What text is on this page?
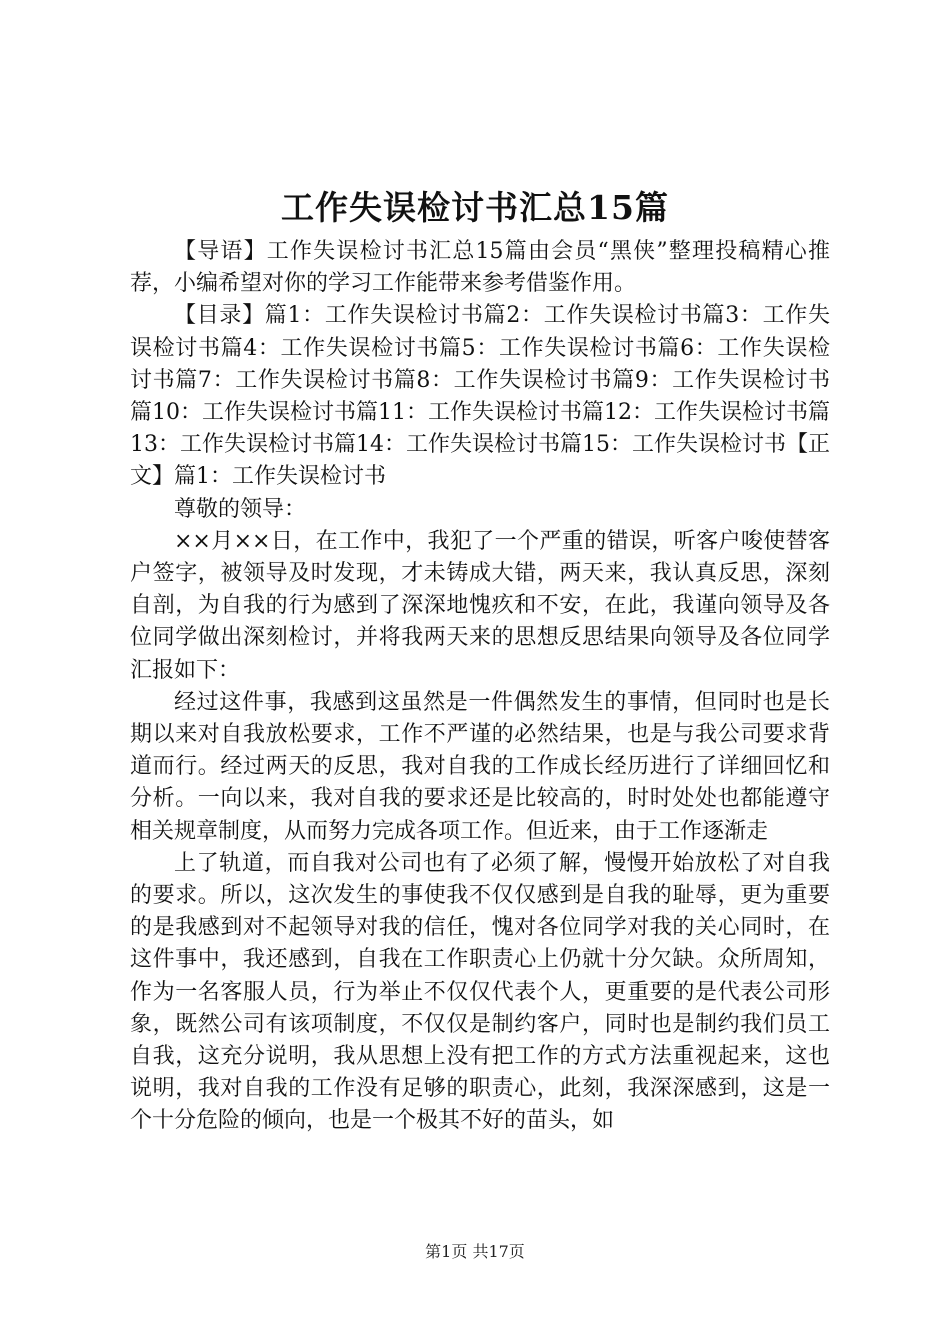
工作失误检讨书汇总15篇

【导语】工作失误检讨书汇总15篇由会员“黑侠”整理投稿精心推荐，小编希望对你的学习工作能带来参考借鉴作用。

【目录】篇1：工作失误检讨书篇2：工作失误检讨书篇3：工作失误检讨书篇4：工作失误检讨书篇5：工作失误检讨书篇6：工作失误检讨书篇7：工作失误检讨书篇8：工作失误检讨书篇9：工作失误检讨书篇10：工作失误检讨书篇11：工作失误检讨书篇12：工作失误检讨书篇13：工作失误检讨书篇14：工作失误检讨书篇15：工作失误检讨书【正文】篇1：工作失误检讨书

尊敬的领导：

××月××日，在工作中，我犯了一个严重的错误，听客户唆使替客户签字，被领导及时发现，才未铸成大错，两天来，我认真反思，深刻自剖，为自我的行为感到了深深地愧疚和不安，在此，我谨向领导及各位同学做出深刻检讨，并将我两天来的思想反思结果向领导及各位同学汇报如下：

经过这件事，我感到这虽然是一件偶然发生的事情，但同时也是长期以来对自我放松要求，工作不严谨的必然结果，也是与我公司要求背道而行。经过两天的反思，我对自我的工作成长经历进行了详细回忆和分析。一向以来，我对自我的要求还是比较高的，时时处处也都能遵守相关规章制度，从而努力完成各项工作。但近来，由于工作逐渐走

上了轨道，而自我对公司也有了必须了解，慢慢开始放松了对自我的要求。所以，这次发生的事使我不仅仅感到是自我的耻辱，更为重要的是我感到对不起领导对我的信任，愧对各位同学对我的关心同时，在这件事中，我还感到，自我在工作职责心上仍就十分欠缺。众所周知，作为一名客服人员，行为举止不仅仅代表个人，更重要的是代表公司形象，既然公司有该项制度，不仅仅是制约客户，同时也是制约我们员工自我，这充分说明，我从思想上没有把工作的方式方法重视起来，这也说明，我对自我的工作没有足够的职责心，此刻，我深深感到，这是一个十分危险的倾向，也是一个极其不好的苗头，如

第1页 共17页
